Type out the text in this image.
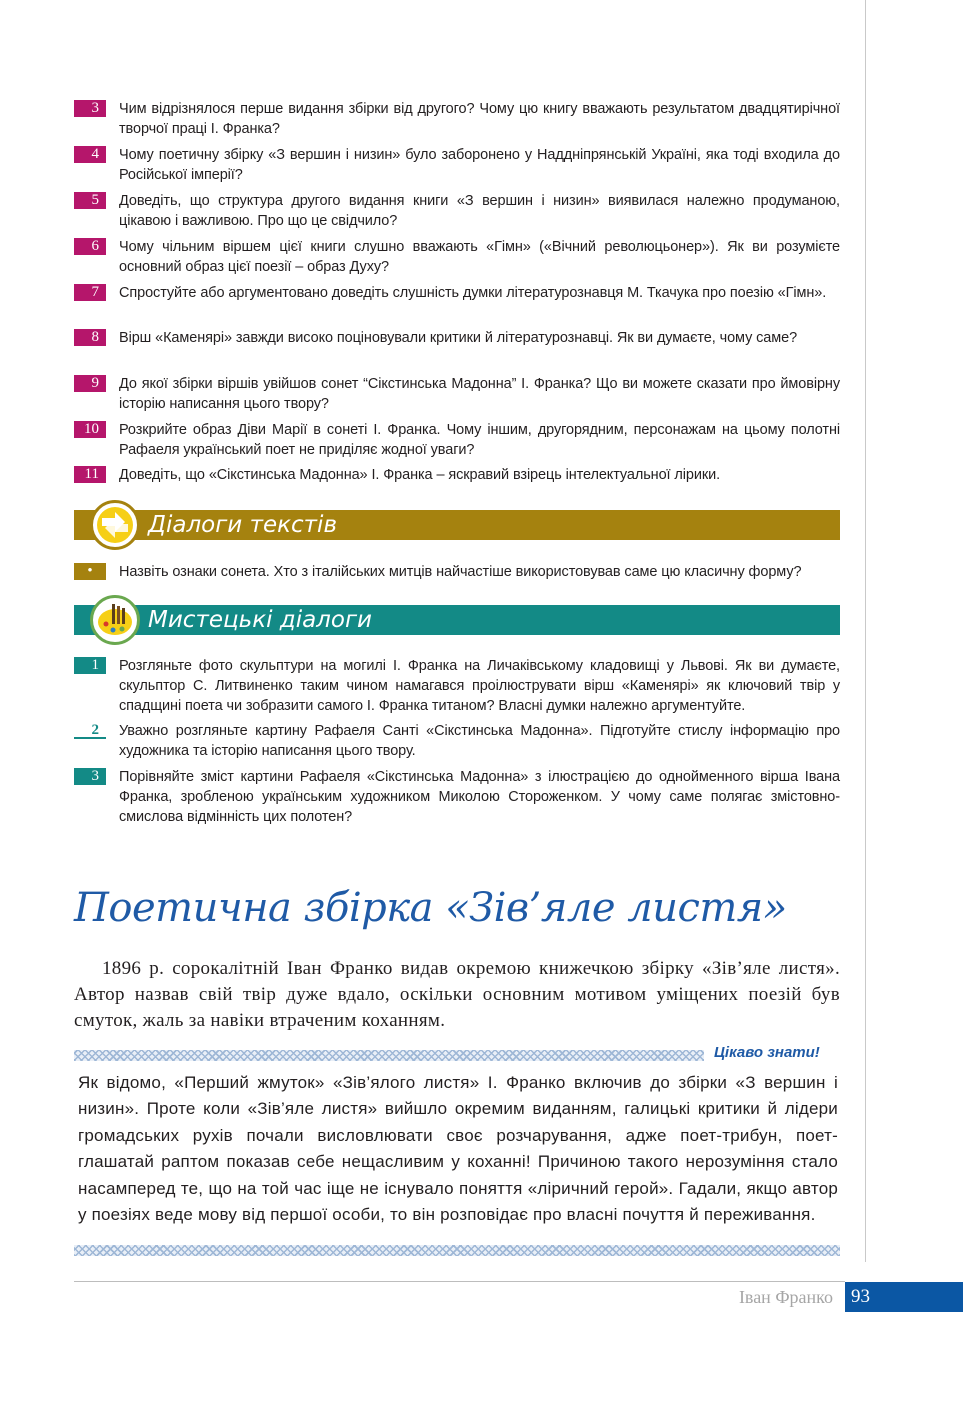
3	Чим відрізнялося перше видання збірки від другого? Чому цю книгу вважають результатом двадцятирічної творчої праці І. Франка?
4	Чому поетичну збірку «З вершин і низин» було заборонено у Наддніпрянській Україні, яка тоді входила до Російської імперії?
5	Доведіть, що структура другого видання книги «З вершин і низин» виявилася належно продуманою, цікавою і важливою. Про що це свідчило?
6	Чому чільним віршем цієї книги слушно вважають «Гімн» («Вічний революцьонер»). Як ви розумієте основний образ цієї поезії – образ Духу?
7	Спростуйте або аргументовано доведіть слушність думки літературознавця М. Ткачука про поезію «Гімн».
8	Вірш «Каменярі» завжди високо поціновували критики й літературознавці. Як ви думаєте, чому саме?
9	До якої збірки віршів увійшов сонет “Сікстинська Мадонна” І. Франка? Що ви можете сказати про ймовірну історію написання цього твору?
10	Розкрийте образ Діви Марії в сонеті І. Франка. Чому іншим, другорядним, персонажам на цьому полотні Рафаеля український поет не приділяє жодної уваги?
11	Доведіть, що «Сікстинська Мадонна» І. Франка – яскравий взірець інтелектуальної лірики.
Діалоги текстів
•	Назвіть ознаки сонета. Хто з італійських митців найчастіше використовував саме цю класичну форму?
Мистецькі діалоги
1	Розгляньте фото скульптури на могилі І. Франка на Личаківському кладовищі у Львові. Як ви думаєте, скульптор С. Литвиненко таким чином намагався проілюструвати вірш «Каменярі» як ключовий твір у спадщині поета чи зобразити самого І. Франка титаном? Власні думки належно аргументуйте.
2	Уважно розгляньте картину Рафаеля Санті «Сікстинська Мадонна». Підготуйте стислу інформацію про художника та історію написання цього твору.
3	Порівняйте зміст картини Рафаеля «Сікстинська Мадонна» з ілюстрацією до однойменного вірша Івана Франка, зробленою українським художником Миколою Стороженком. У чому саме полягає змістовно-смислова відмінність цих полотен?
Поетична збірка «Зів’яле листя»
1896 р. сорокалітній Іван Франко видав окремою книжечкою збірку «Зів’яле листя». Автор назвав свій твір дуже вдало, оскільки основним мотивом уміщених поезій був смуток, жаль за навіки втраченим коханням.
Цікаво знати!
Як відомо, «Перший жмуток» «Зів’ялого листя» І. Франко включив до збірки «З вершин і низин». Проте коли «Зів’яле листя» вийшло окремим виданням, галицькі критики й лідери громадських рухів почали висловлювати своє розчарування, адже поет-трибун, поет-глашатай раптом показав себе нещасливим у коханні! Причиною такого нерозуміння стало насамперед те, що на той час іще не існувало поняття «ліричний герой». Гадали, якщо автор у поезіях веде мову від першої особи, то він розповідає про власні почуття й переживання.
Іван Франко 93
